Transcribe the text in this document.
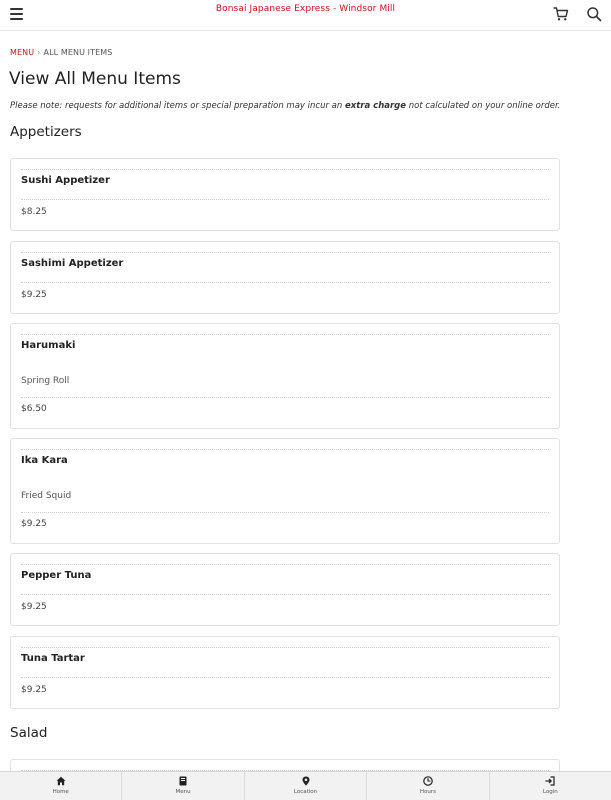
Bonsai Japanese Express - Windsor Mill
MENU › ALL MENU ITEMS
View All Menu Items
Please note: requests for additional items or special preparation may incur an extra charge not calculated on your online order.
Appetizers
Sushi Appetizer
$8.25
Sashimi Appetizer
$9.25
Harumaki
Spring Roll
$6.50
Ika Kara
Fried Squid
$9.25
Pepper Tuna
$9.25
Tuna Tartar
$9.25
Salad
Home	Menu	Location	Hours	Login
